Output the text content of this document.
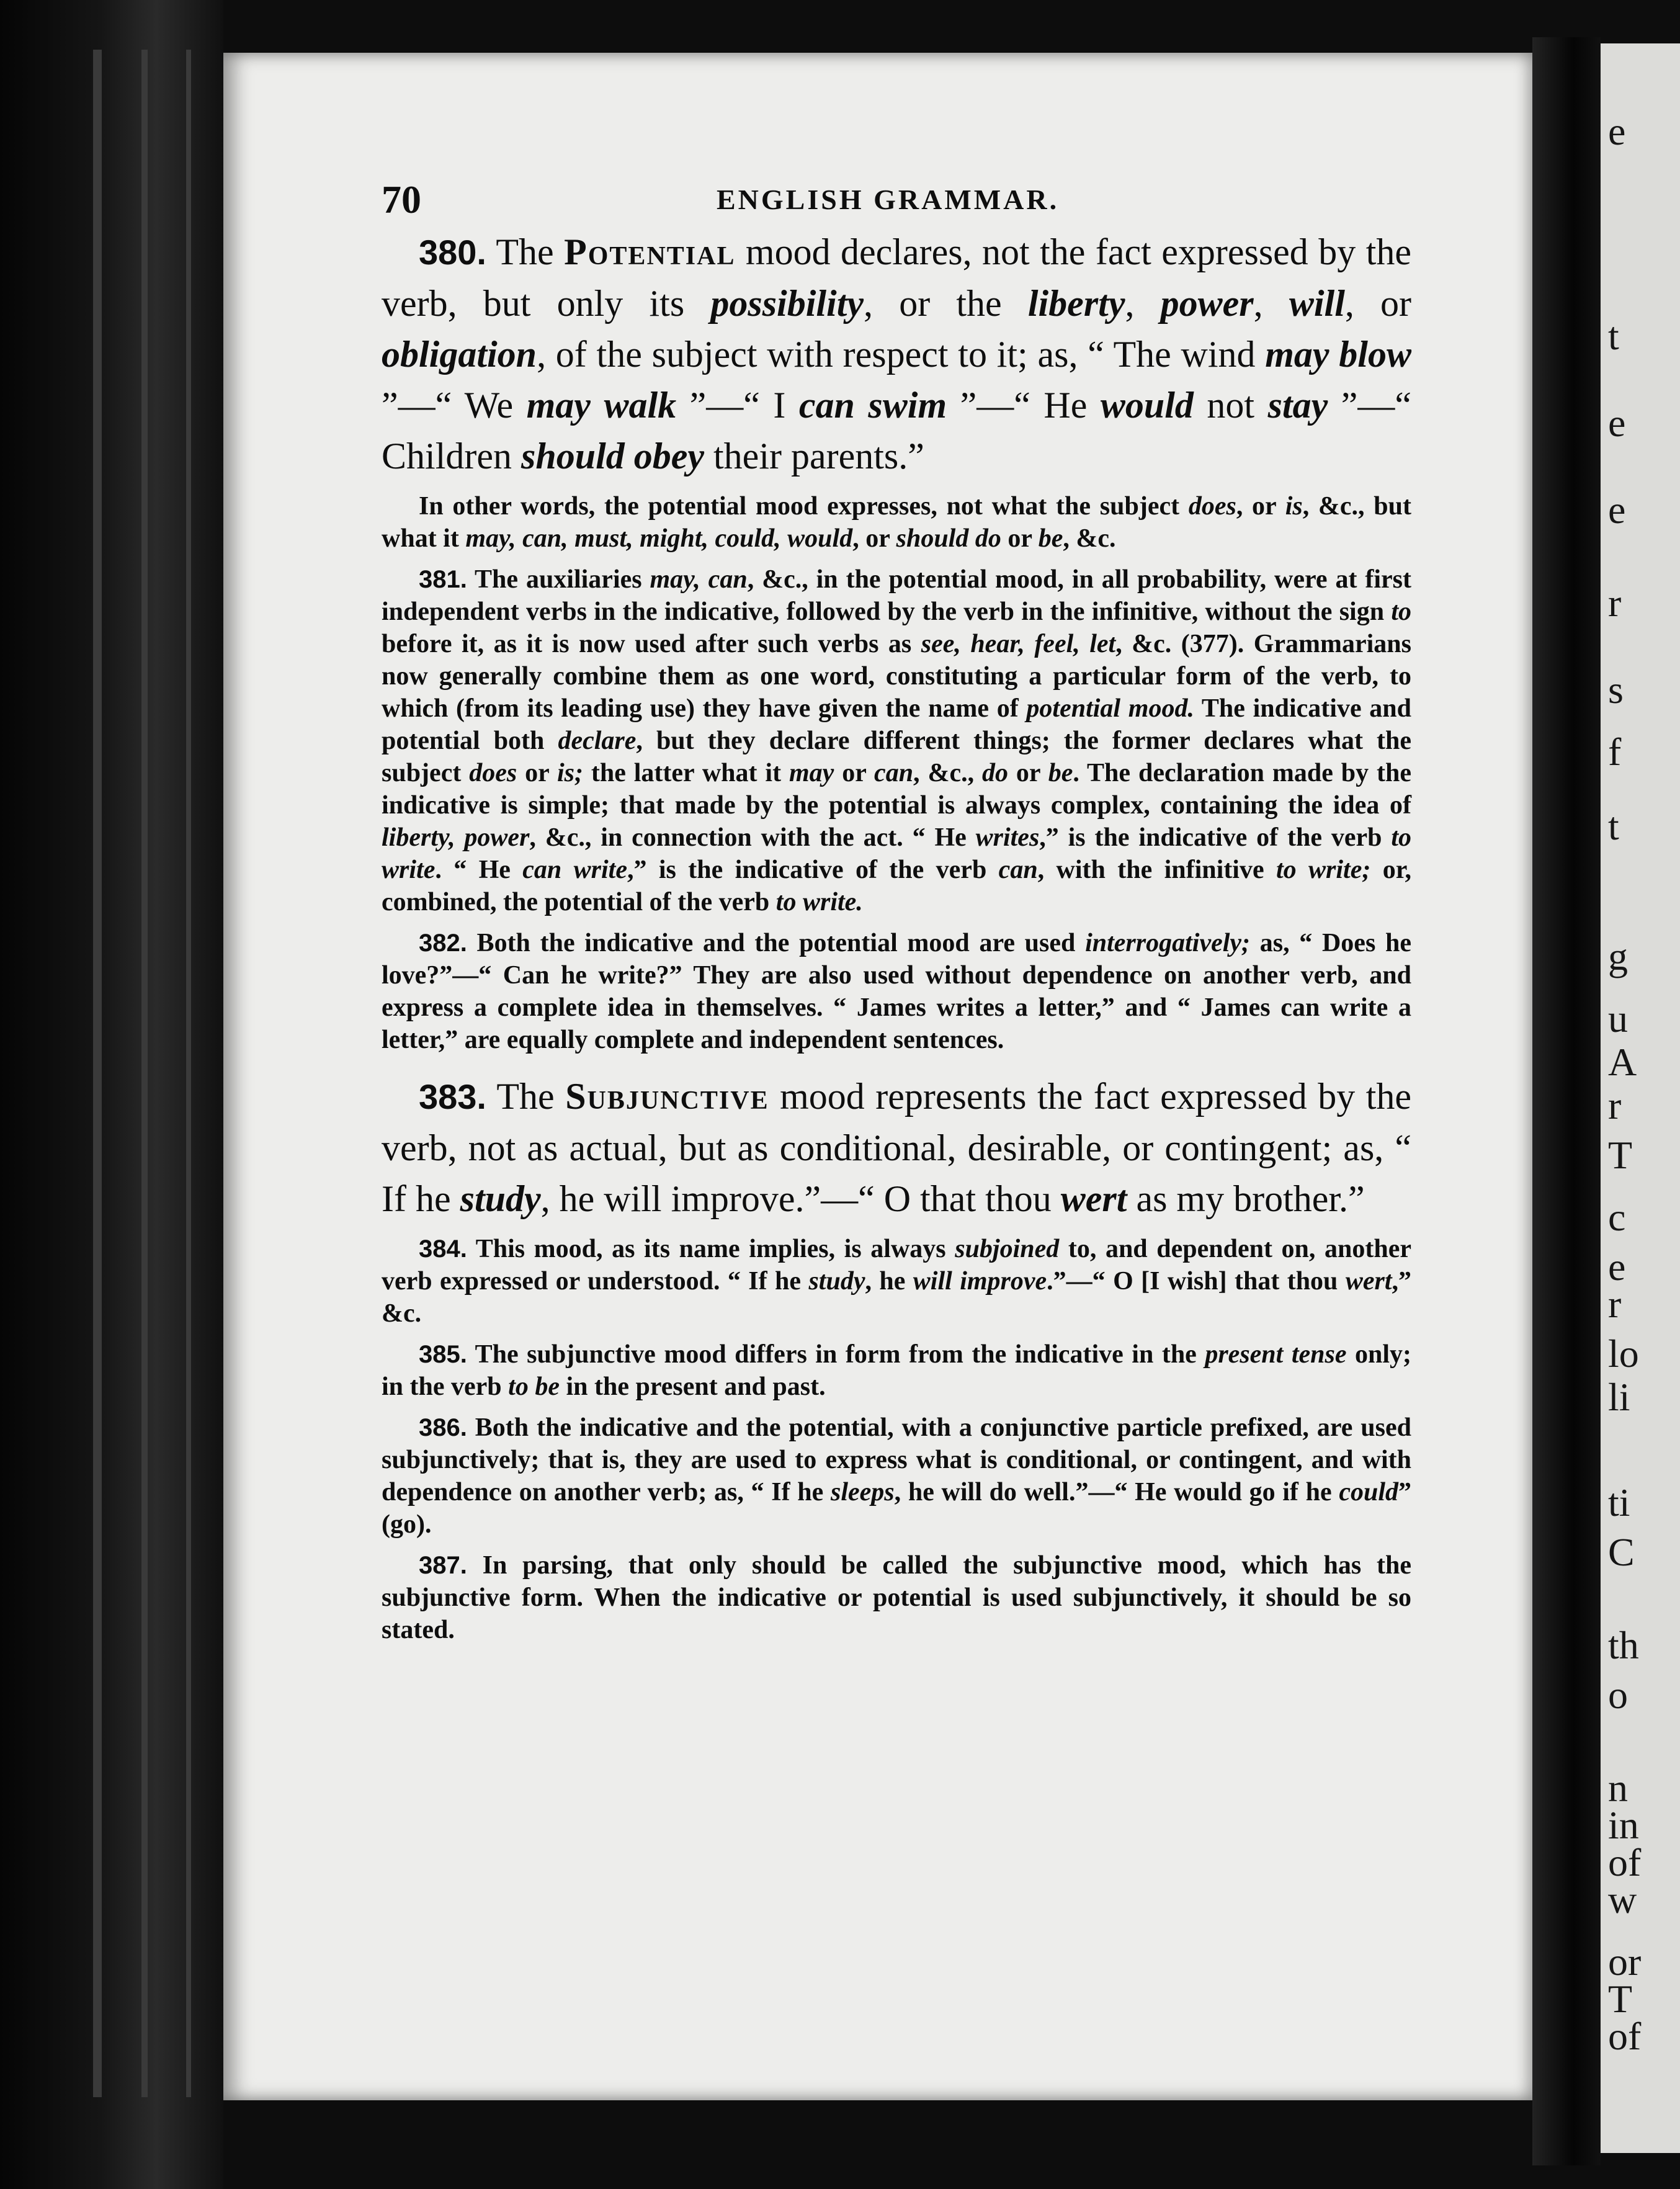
e
t
e
e
r
s
f
t
g
u
A
r
T
c
e
r
lo
li
ti
C
th
o
n
in
of
w
or
T
of
70	ENGLISH GRAMMAR.

380. The Potential mood declares, not the fact expressed by the verb, but only its possibility, or the liberty, power, will, or obligation, of the subject with respect to it; as, “ The wind may blow ”—“ We may walk ”—“ I can swim ”—“ He would not stay ”—“ Children should obey their parents.”

In other words, the potential mood expresses, not what the subject does, or is, &c., but what it may, can, must, might, could, would, or should do or be, &c.

381. The auxiliaries may, can, &c., in the potential mood, in all probability, were at first independent verbs in the indicative, followed by the verb in the infinitive, without the sign to before it, as it is now used after such verbs as see, hear, feel, let, &c. (377). Grammarians now generally combine them as one word, constituting a particular form of the verb, to which (from its leading use) they have given the name of potential mood. The indicative and potential both declare, but they declare different things; the former declares what the subject does or is; the latter what it may or can, &c., do or be. The declaration made by the indicative is simple; that made by the potential is always complex, containing the idea of liberty, power, &c., in connection with the act. “ He writes,” is the indicative of the verb to write. “ He can write,” is the indicative of the verb can, with the infinitive to write; or, combined, the potential of the verb to write.

382. Both the indicative and the potential mood are used interrogatively; as, “ Does he love?”—“ Can he write?” They are also used without dependence on another verb, and express a complete idea in themselves. “ James writes a letter,” and “ James can write a letter,” are equally complete and independent sentences.

383. The Subjunctive mood represents the fact expressed by the verb, not as actual, but as conditional, desirable, or contingent; as, “ If he study, he will improve.”—“ O that thou wert as my brother.”

384. This mood, as its name implies, is always subjoined to, and dependent on, another verb expressed or understood. “ If he study, he will improve.”—“ O [I wish] that thou wert,” &c.

385. The subjunctive mood differs in form from the indicative in the present tense only; in the verb to be in the present and past.

386. Both the indicative and the potential, with a conjunctive particle prefixed, are used subjunctively; that is, they are used to express what is conditional, or contingent, and with dependence on another verb; as, “ If he sleeps, he will do well.”—“ He would go if he could” (go).

387. In parsing, that only should be called the subjunctive mood, which has the subjunctive form. When the indicative or potential is used subjunctively, it should be so stated.
